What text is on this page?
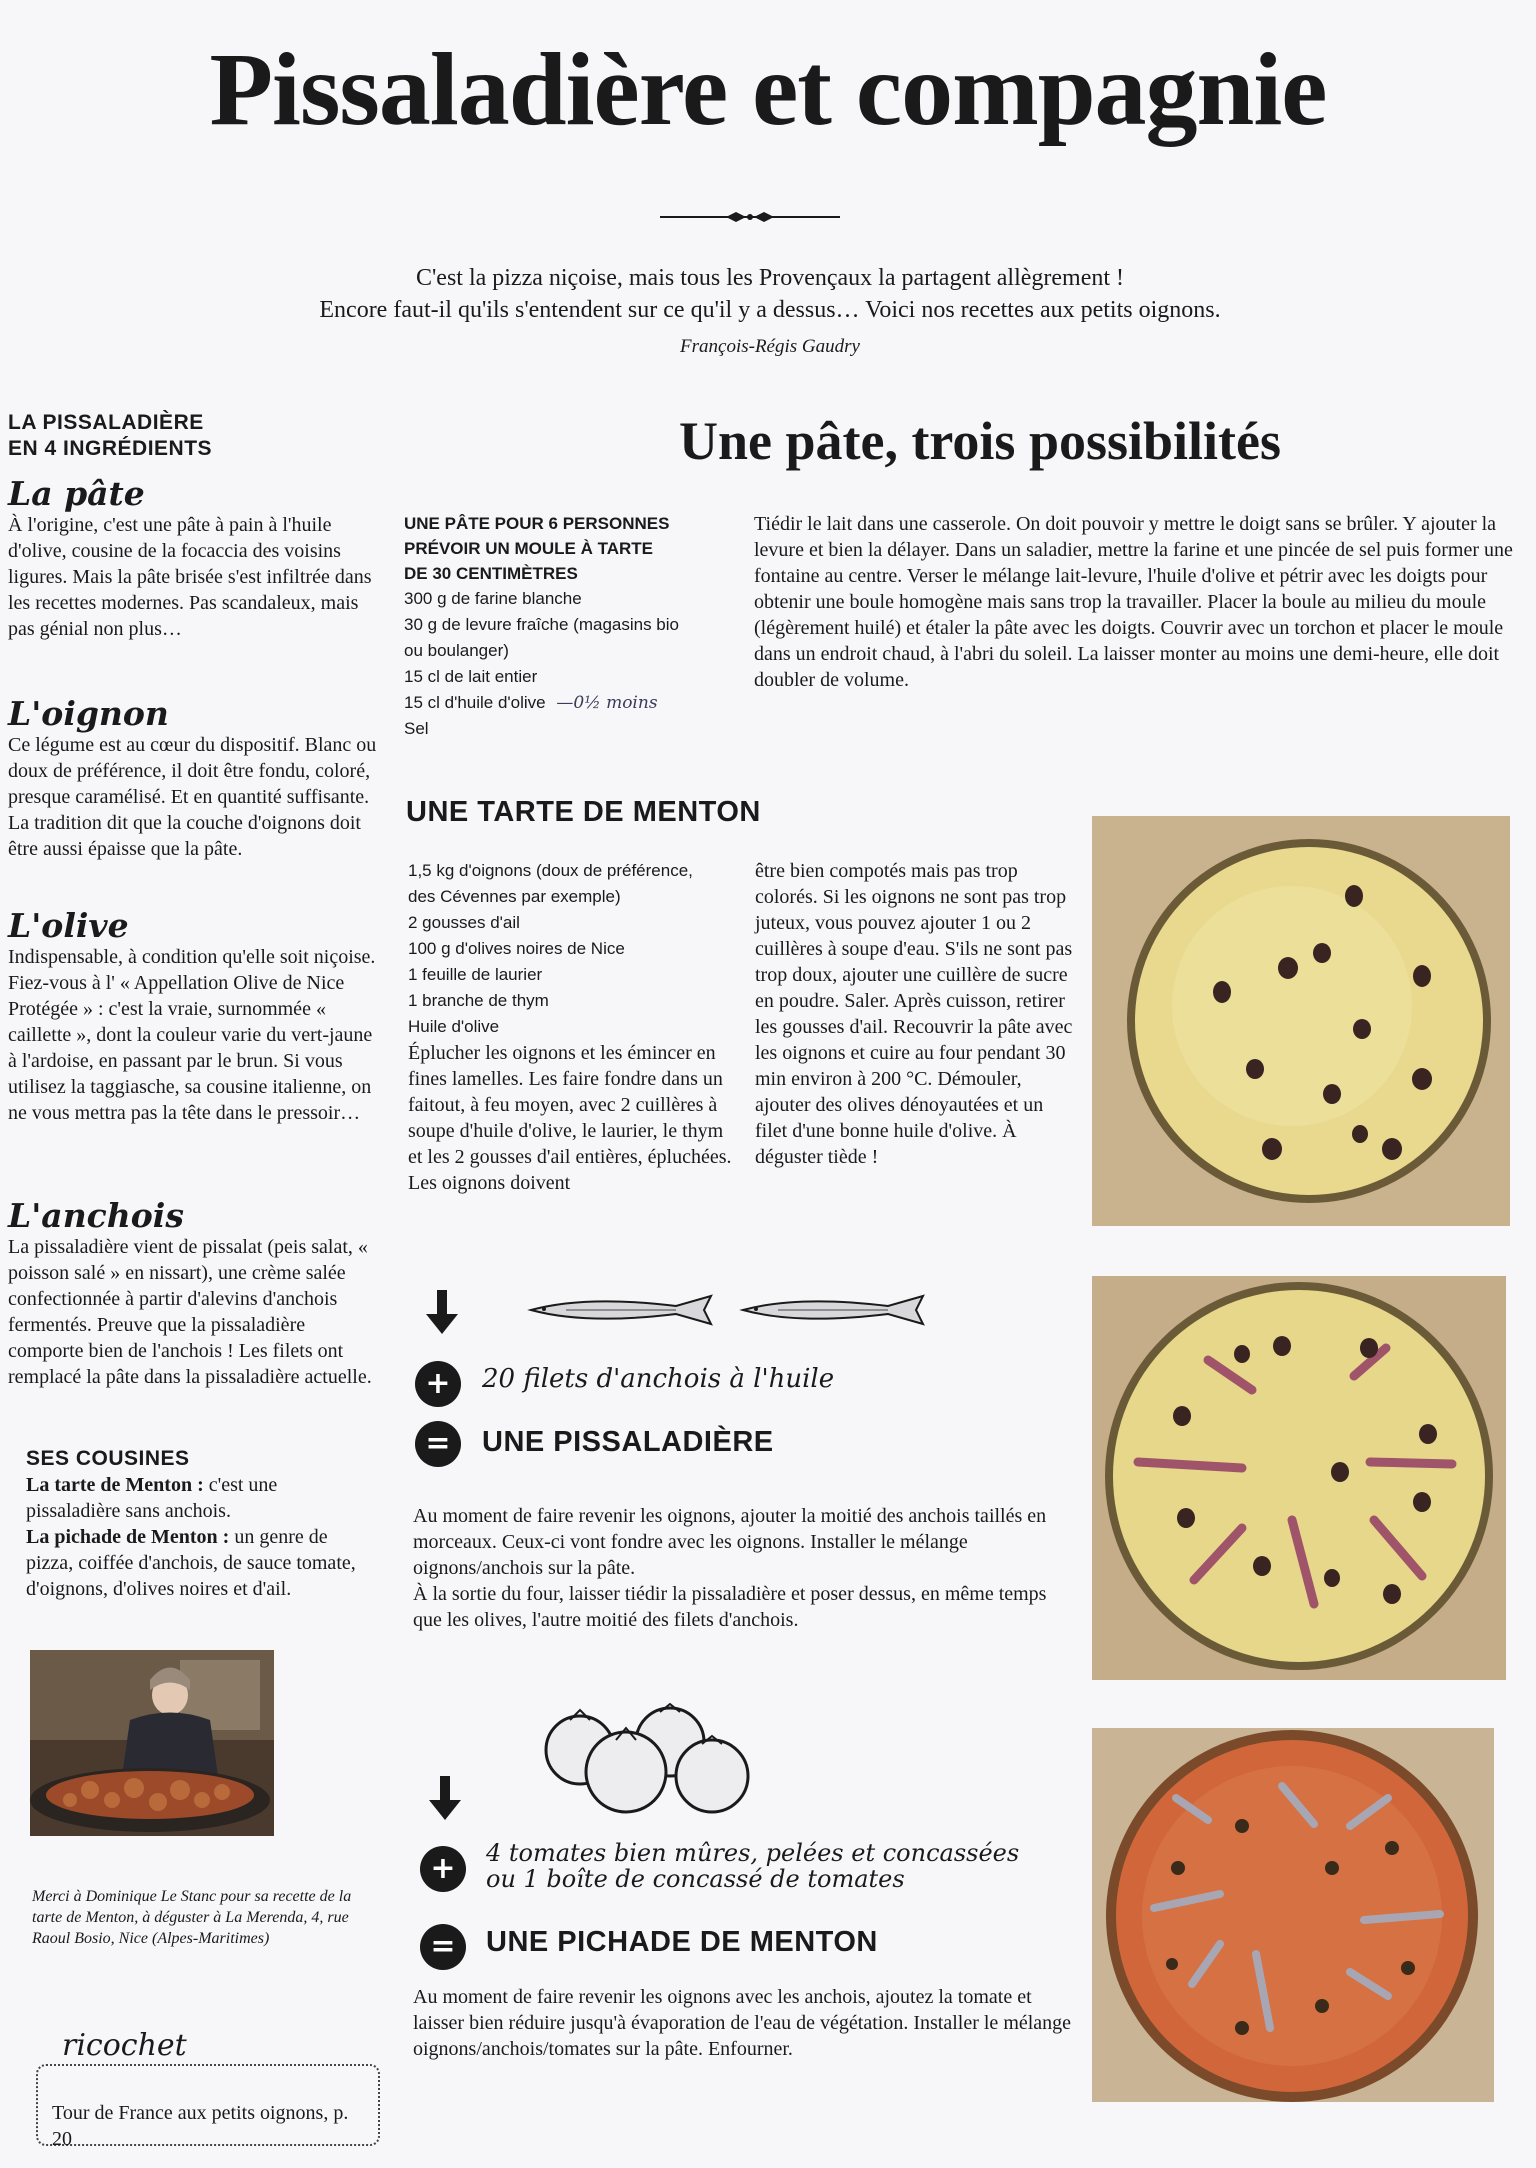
Pissaladière et compagnie
C'est la pizza niçoise, mais tous les Provençaux la partagent allègrement !
Encore faut-il qu'ils s'entendent sur ce qu'il y a dessus… Voici nos recettes aux petits oignons.
François-Régis Gaudry
LA PISSALADIÈRE
EN 4 INGRÉDIENTS
La pâte
À l'origine, c'est une pâte à pain à l'huile d'olive, cousine de la focaccia des voisins ligures. Mais la pâte brisée s'est infiltrée dans les recettes modernes. Pas scandaleux, mais pas génial non plus…
L'oignon
Ce légume est au cœur du dispositif. Blanc ou doux de préférence, il doit être fondu, coloré, presque caramélisé. Et en quantité suffisante. La tradition dit que la couche d'oignons doit être aussi épaisse que la pâte.
L'olive
Indispensable, à condition qu'elle soit niçoise. Fiez-vous à l' « Appellation Olive de Nice Protégée » : c'est la vraie, surnommée « caillette », dont la couleur varie du vert-jaune à l'ardoise, en passant par le brun. Si vous utilisez la taggiasche, sa cousine italienne, on ne vous mettra pas la tête dans le pressoir…
L'anchois
La pissaladière vient de pissalat (peis salat, « poisson salé » en nissart), une crème salée confectionnée à partir d'alevins d'anchois fermentés. Preuve que la pissaladière comporte bien de l'anchois ! Les filets ont remplacé la pâte dans la pissaladière actuelle.
SES COUSINES
La tarte de Menton : c'est une pissaladière sans anchois.
La pichade de Menton : un genre de pizza, coiffée d'anchois, de sauce tomate, d'oignons, d'olives noires et d'ail.
Merci à Dominique Le Stanc pour sa recette de la tarte de Menton, à déguster à La Merenda, 4, rue Raoul Bosio, Nice (Alpes-Maritimes)
Tour de France aux petits oignons, p. 20
ricochet
Une pâte, trois possibilités
UNE PÂTE POUR 6 PERSONNES
PRÉVOIR UN MOULE À TARTE
DE 30 CENTIMÈTRES
300 g de farine blanche
30 g de levure fraîche (magasins bio
ou boulanger)
15 cl de lait entier
15 cl d'huile d'olive —0½ moins
Sel
Tiédir le lait dans une casserole. On doit pouvoir y mettre le doigt sans se brûler. Y ajouter la levure et bien la délayer. Dans un saladier, mettre la farine et une pincée de sel puis former une fontaine au centre. Verser le mélange lait-levure, l'huile d'olive et pétrir avec les doigts pour obtenir une boule homogène mais sans trop la travailler. Placer la boule au milieu du moule (légèrement huilé) et étaler la pâte avec les doigts. Couvrir avec un torchon et placer le moule dans un endroit chaud, à l'abri du soleil. La laisser monter au moins une demi-heure, elle doit doubler de volume.
UNE TARTE DE MENTON
1,5 kg d'oignons (doux de préférence,
des Cévennes par exemple)
2 gousses d'ail
100 g d'olives noires de Nice
1 feuille de laurier
1 branche de thym
Huile d'olive
Éplucher les oignons et les émincer en fines lamelles. Les faire fondre dans un faitout, à feu moyen, avec 2 cuillères à soupe d'huile d'olive, le laurier, le thym et les 2 gousses d'ail entières, épluchées. Les oignons doivent
être bien compotés mais pas trop colorés. Si les oignons ne sont pas trop juteux, vous pouvez ajouter 1 ou 2 cuillères à soupe d'eau. S'ils ne sont pas trop doux, ajouter une cuillère de sucre en poudre. Saler. Après cuisson, retirer les gousses d'ail. Recouvrir la pâte avec les oignons et cuire au four pendant 30 min environ à 200 °C. Démouler, ajouter des olives dénoyautées et un filet d'une bonne huile d'olive. À déguster tiède !
+	20 filets d'anchois à l'huile
=	UNE PISSALADIÈRE
Au moment de faire revenir les oignons, ajouter la moitié des anchois taillés en morceaux. Ceux-ci vont fondre avec les oignons. Installer le mélange oignons/anchois sur la pâte.
À la sortie du four, laisser tiédir la pissaladière et poser dessus, en même temps que les olives, l'autre moitié des filets d'anchois.
+	4 tomates bien mûres, pelées et concassées
ou 1 boîte de concassé de tomates
=	UNE PICHADE DE MENTON
Au moment de faire revenir les oignons avec les anchois, ajoutez la tomate et laisser bien réduire jusqu'à évaporation de l'eau de végétation. Installer le mélange oignons/anchois/tomates sur la pâte. Enfourner.
